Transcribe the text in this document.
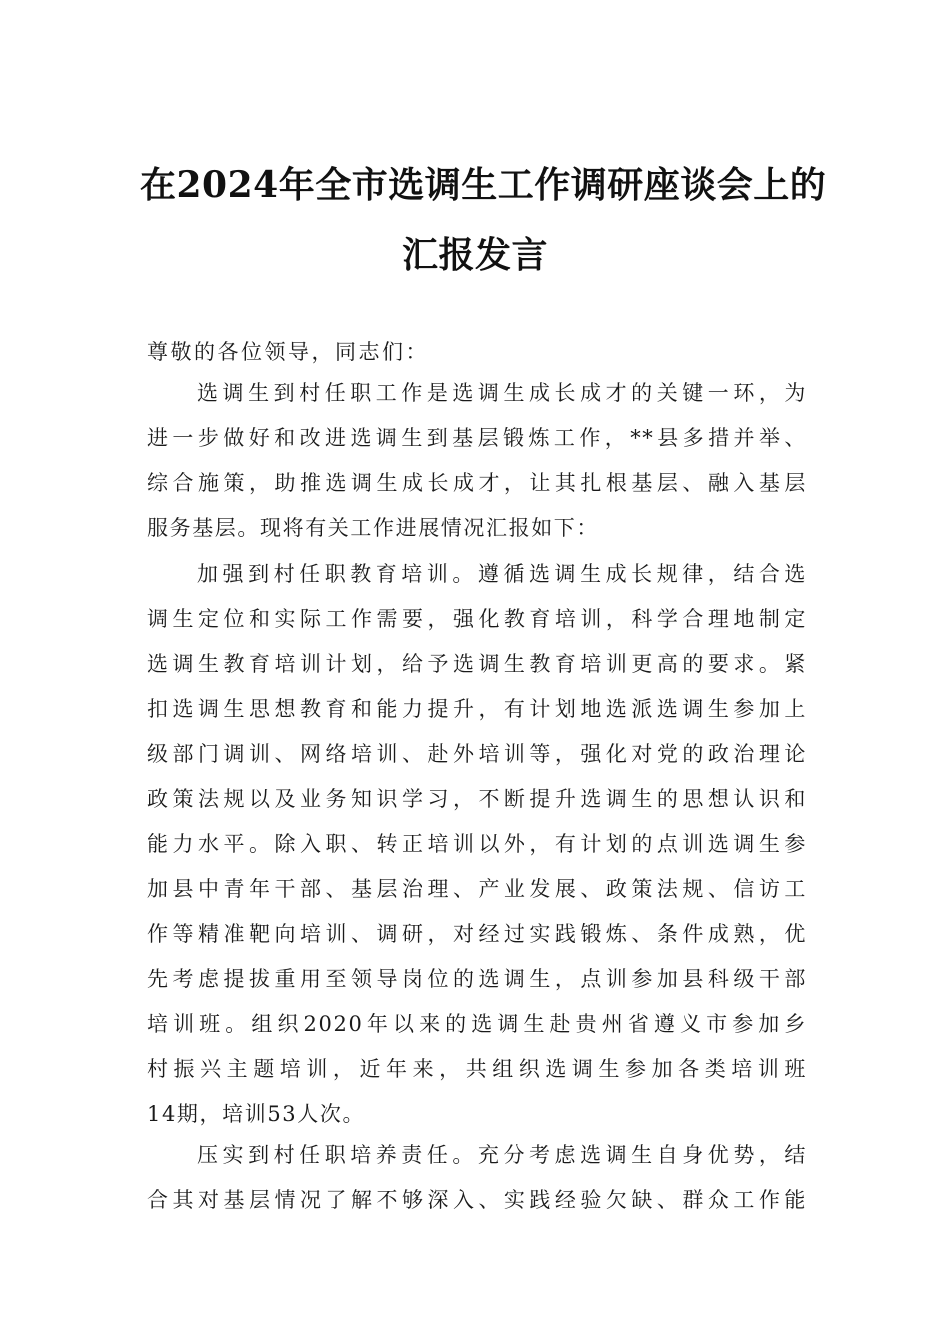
在2024年全市选调生工作调研座谈会上的
汇报发言
尊敬的各位领导，同志们：
选调生到村任职工作是选调生成长成才的关键一环，为
进一步做好和改进选调生到基层锻炼工作，**县多措并举、
综合施策，助推选调生成长成才，让其扎根基层、融入基层
服务基层。现将有关工作进展情况汇报如下：
加强到村任职教育培训。遵循选调生成长规律，结合选
调生定位和实际工作需要，强化教育培训，科学合理地制定
选调生教育培训计划，给予选调生教育培训更高的要求。紧
扣选调生思想教育和能力提升，有计划地选派选调生参加上
级部门调训、网络培训、赴外培训等，强化对党的政治理论
政策法规以及业务知识学习，不断提升选调生的思想认识和
能力水平。除入职、转正培训以外，有计划的点训选调生参
加县中青年干部、基层治理、产业发展、政策法规、信访工
作等精准靶向培训、调研，对经过实践锻炼、条件成熟，优
先考虑提拔重用至领导岗位的选调生，点训参加县科级干部
培训班。组织2020年以来的选调生赴贵州省遵义市参加乡
村振兴主题培训，近年来，共组织选调生参加各类培训班
14期，培训53人次。
压实到村任职培养责任。充分考虑选调生自身优势，结
合其对基层情况了解不够深入、实践经验欠缺、群众工作能
